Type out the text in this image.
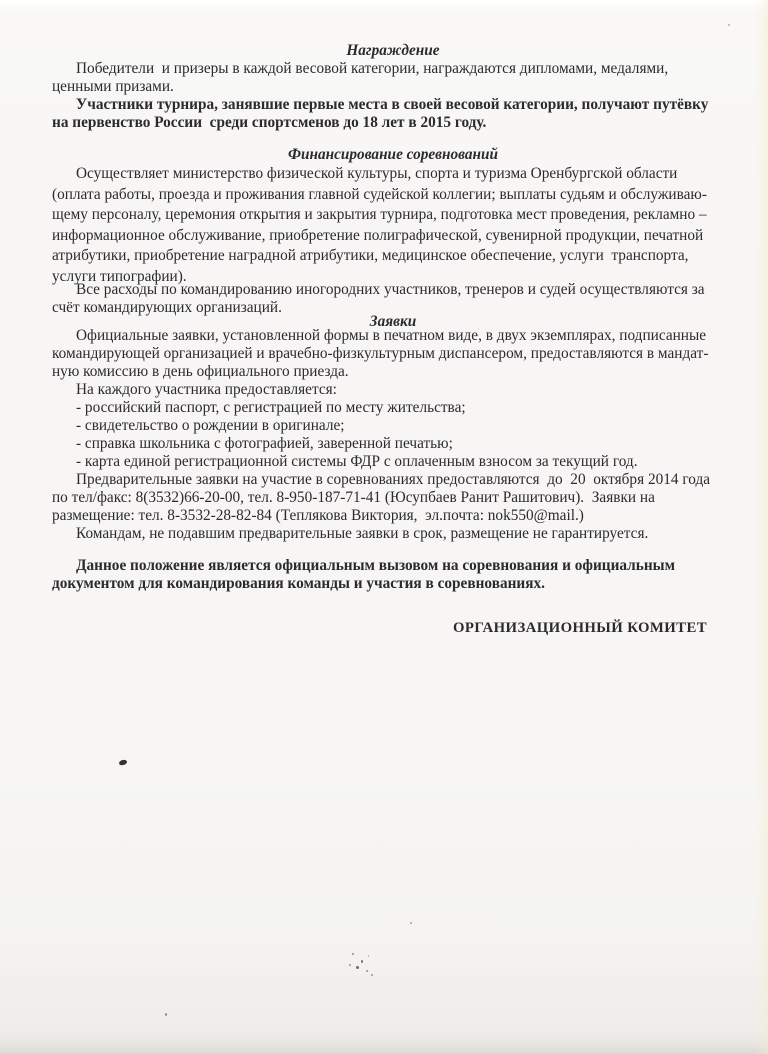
Награждение
Победители  и призеры в каждой весовой категории, награждаются дипломами, медалями,
ценными призами.
Участники турнира, занявшие первые места в своей весовой категории, получают путёвку
на первенство России  среди спортсменов до 18 лет в 2015 году.
Финансирование соревнований
Осуществляет министерство физической культуры, спорта и туризма Оренбургской области
(оплата работы, проезда и проживания главной судейской коллегии; выплаты судьям и обслуживаю-
щему персоналу, церемония открытия и закрытия турнира, подготовка мест проведения, рекламно –
информационное обслуживание, приобретение полиграфической, сувенирной продукции, печатной
атрибутики, приобретение наградной атрибутики, медицинское обеспечение, услуги  транспорта,
услуги типографии).
Все расходы по командированию иногородних участников, тренеров и судей осуществляются за
счёт командирующих организаций.
Заявки
Официальные заявки, установленной формы в печатном виде, в двух экземплярах, подписанные
командирующей организацией и врачебно-физкультурным диспансером, предоставляются в мандат-
ную комиссию в день официального приезда.
На каждого участника предоставляется:
- российский паспорт, с регистрацией по месту жительства;
- свидетельство о рождении в оригинале;
- справка школьника с фотографией, заверенной печатью;
- карта единой регистрационной системы ФДР с оплаченным взносом за текущий год.
Предварительные заявки на участие в соревнованиях предоставляются  до  20  октября 2014 года
по тел/факс: 8(3532)66-20-00, тел. 8-950-187-71-41 (Юсупбаев Ранит Рашитович).  Заявки на
размещение: тел. 8-3532-28-82-84 (Теплякова Виктория,  эл.почта: nok550@mail.)
Командам, не подавшим предварительные заявки в срок, размещение не гарантируется.
Данное положение является официальным вызовом на соревнования и официальным
документом для командирования команды и участия в соревнованиях.
ОРГАНИЗАЦИОННЫЙ КОМИТЕТ
